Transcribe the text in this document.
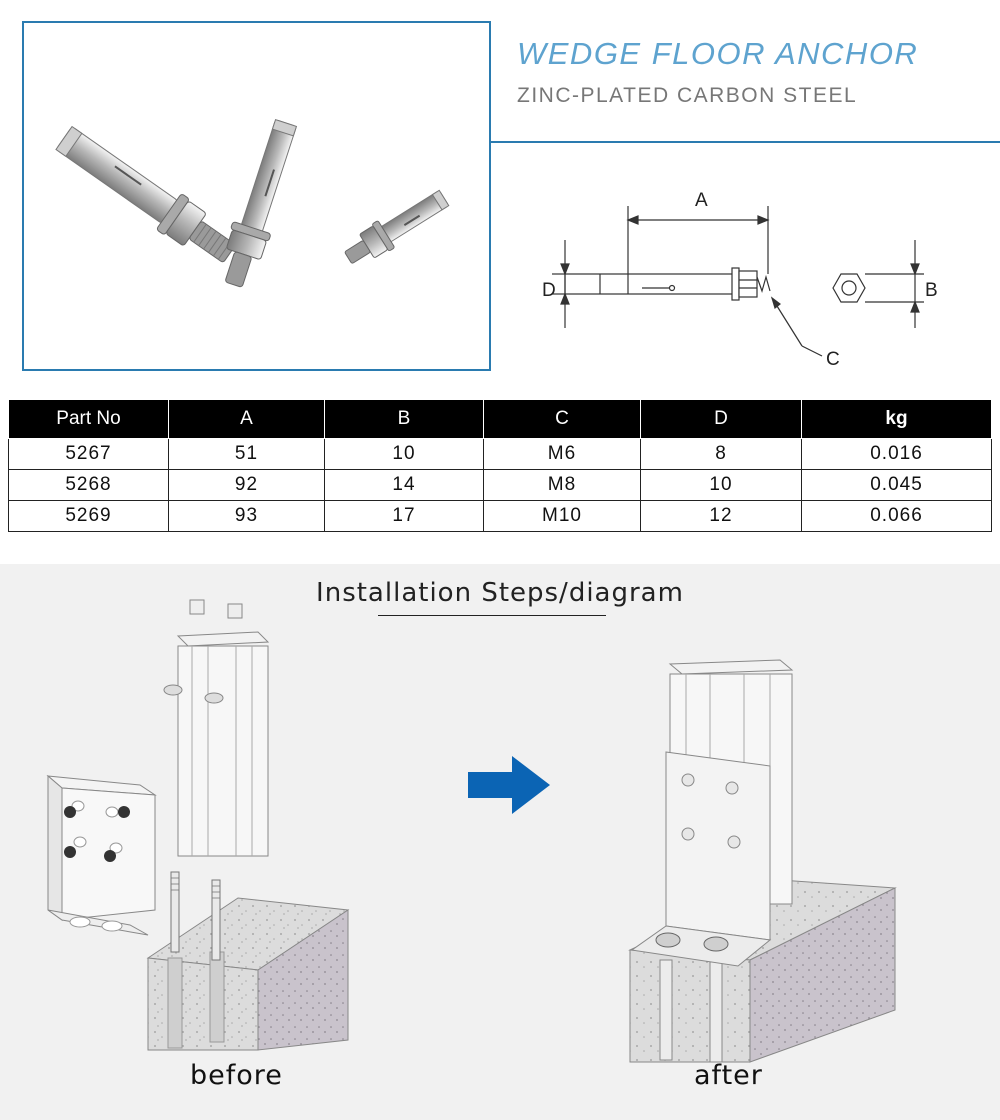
WEDGE FLOOR ANCHOR
ZINC-PLATED CARBON STEEL
A
D
C
B
Part No	A	B	C	D	kg
5267	51	10	M6	8	0.016
5268	92	14	M8	10	0.045
5269	93	17	M10	12	0.066
Installation Steps/diagram
before	after
